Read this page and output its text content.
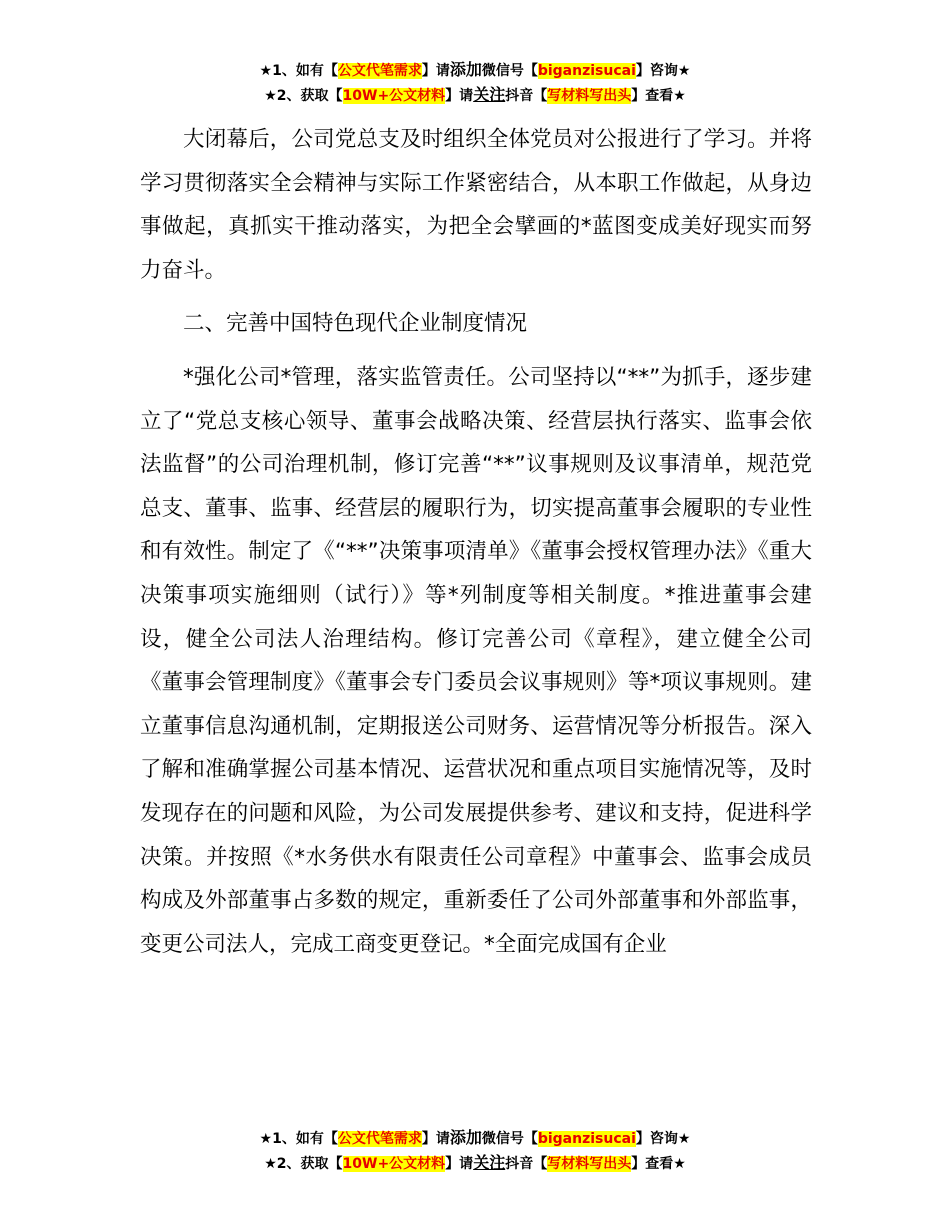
★1、如有【公文代笔需求】请添加微信号【biganzisucai】咨询★
★2、获取【10W+公文材料】请关注抖音【写材料写出头】查看★

大闭幕后，公司党总支及时组织全体党员对公报进行了学习。并将学习贯彻落实全会精神与实际工作紧密结合，从本职工作做起，从身边事做起，真抓实干推动落实，为把全会擘画的*蓝图变成美好现实而努力奋斗。

二、完善中国特色现代企业制度情况

*强化公司*管理，落实监管责任。公司坚持以“**”为抓手，逐步建立了“党总支核心领导、董事会战略决策、经营层执行落实、监事会依法监督”的公司治理机制，修订完善“**”议事规则及议事清单，规范党总支、董事、监事、经营层的履职行为，切实提高董事会履职的专业性和有效性。制定了《“**”决策事项清单》《董事会授权管理办法》《重大决策事项实施细则（试行）》等*列制度等相关制度。*推进董事会建设，健全公司法人治理结构。修订完善公司《章程》，建立健全公司《董事会管理制度》《董事会专门委员会议事规则》等*项议事规则。建立董事信息沟通机制，定期报送公司财务、运营情况等分析报告。深入了解和准确掌握公司基本情况、运营状况和重点项目实施情况等，及时发现存在的问题和风险，为公司发展提供参考、建议和支持，促进科学决策。并按照《*水务供水有限责任公司章程》中董事会、监事会成员构成及外部董事占多数的规定，重新委任了公司外部董事和外部监事，变更公司法人，完成工商变更登记。*全面完成国有企业

★1、如有【公文代笔需求】请添加微信号【biganzisucai】咨询★
★2、获取【10W+公文材料】请关注抖音【写材料写出头】查看★
